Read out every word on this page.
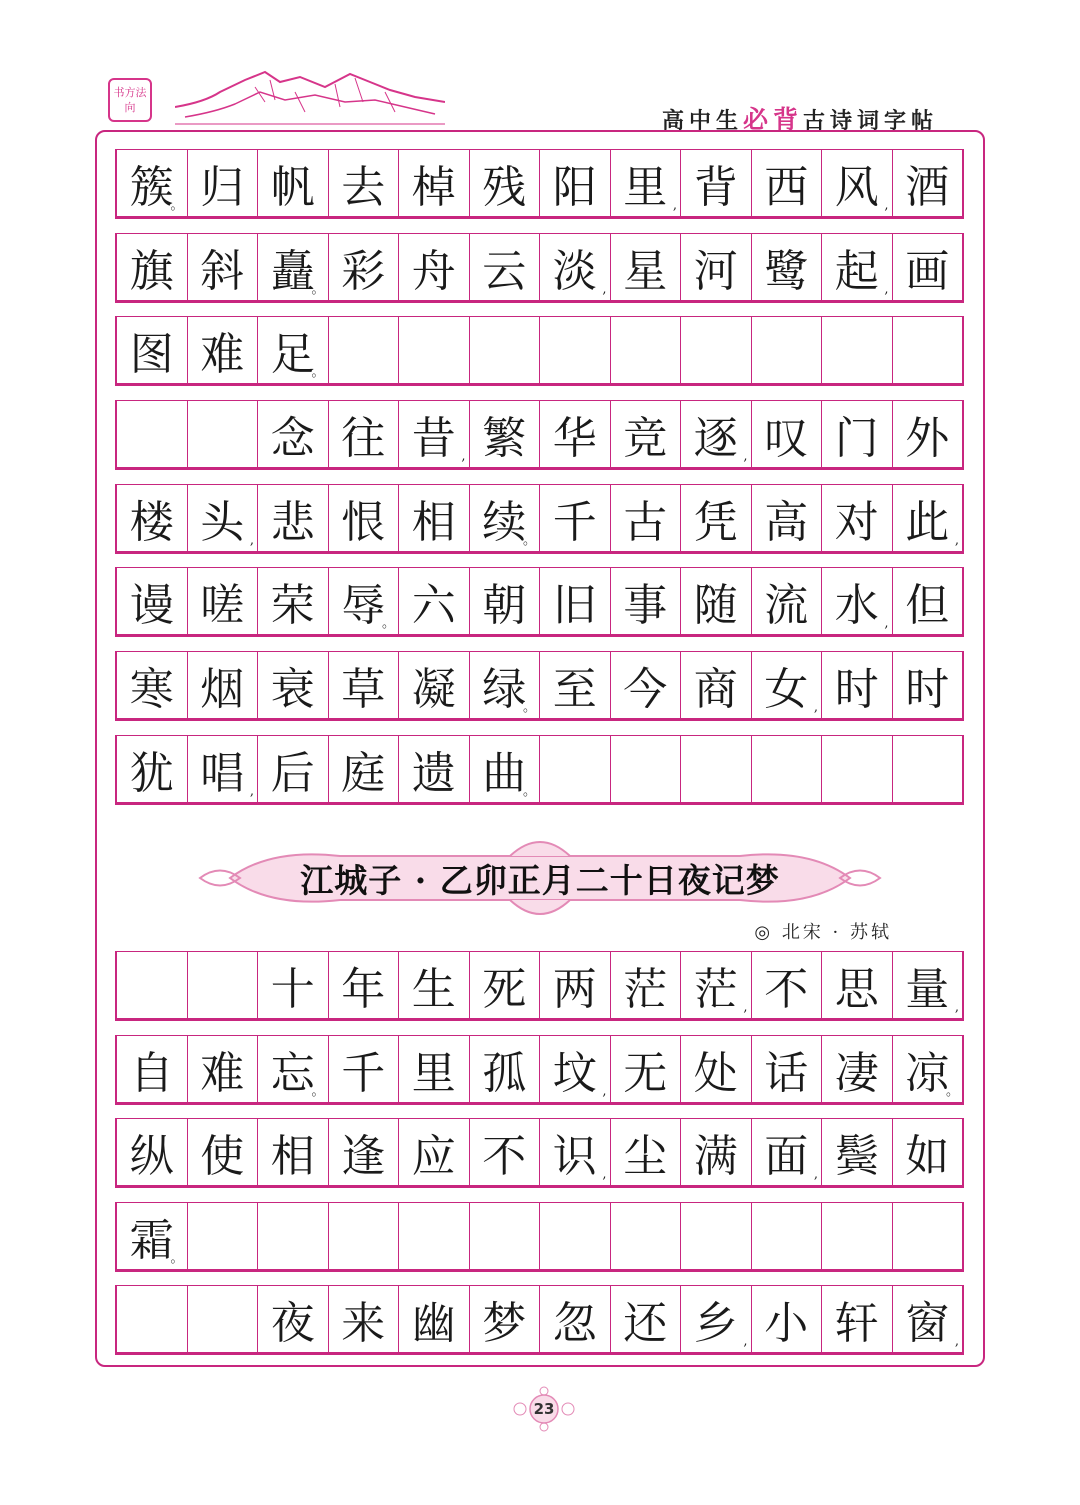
书方法向
高中生必背古诗词字帖
簇
。 归 帆 去 棹 残 阳 里 , 背 西 风 , 酒
旗 斜 矗
。 彩 舟 云 淡 , 星 河 鹭 起 , 画
图 难 足
。
念 往 昔 , 繁 华 竞 逐 , 叹 门 外
楼 头 , 悲 恨 相 续
。 千 古 凭 高 对 此 ,
谩 嗟 荣 辱
。 六 朝 旧 事 随 流 水 , 但
寒 烟 衰 草 凝 绿
。 至 今 商 女 , 时 时
犹 唱 , 后 庭 遗 曲
。
江城子 · 乙卯正月二十日夜记梦
◎ 北宋 · 苏轼
十 年 生 死 两 茫 茫 , 不 思 量 ,
自 难 忘
。 千 里 孤 坟 , 无 处 话 凄 凉
。
纵 使 相 逢 应 不 识 , 尘 满 面 , 鬓 如
霜
。
夜 来 幽 梦 忽 还 乡 , 小 轩 窗 ,
23
